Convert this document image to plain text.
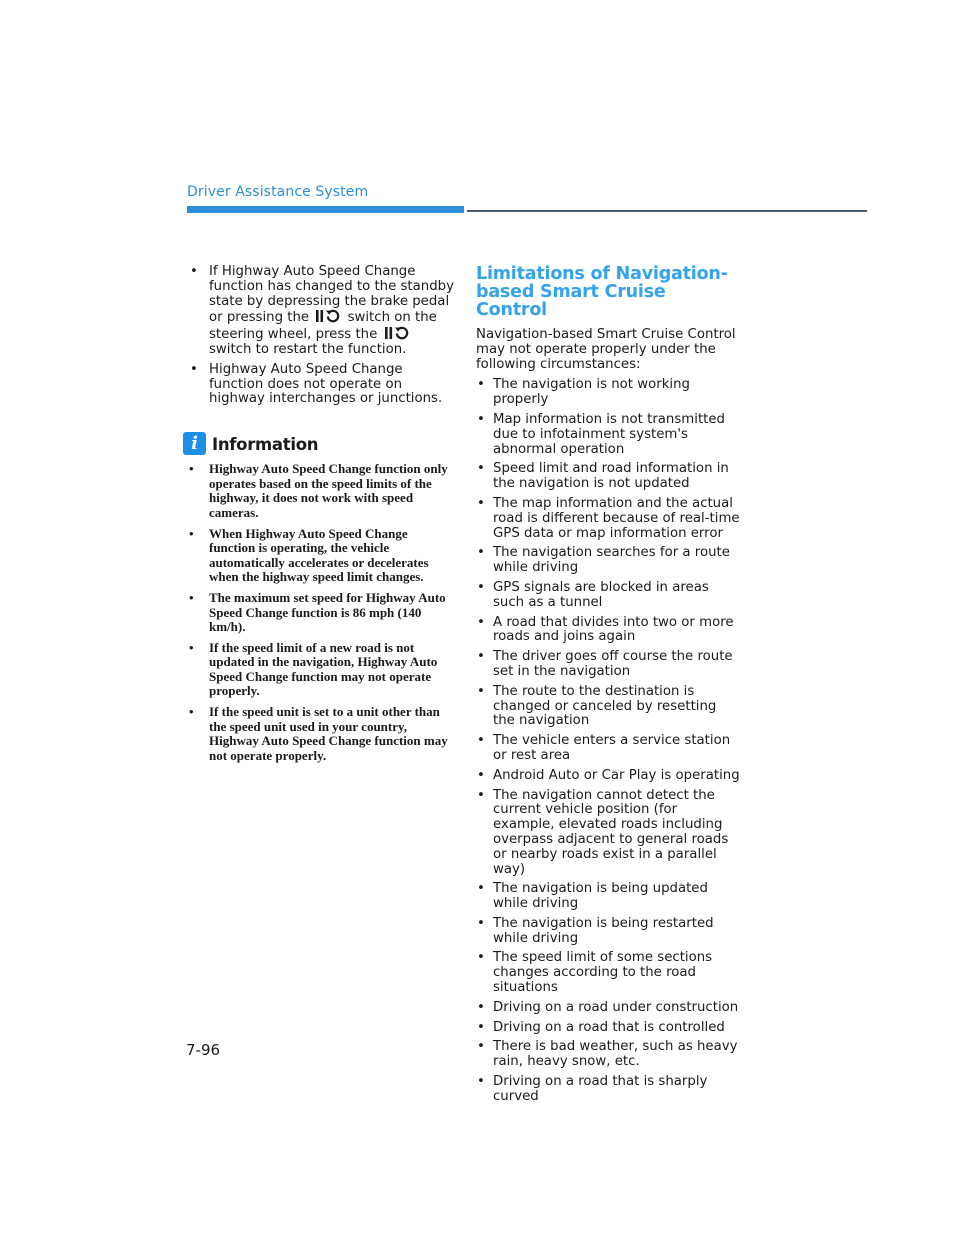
Driver Assistance System
• If Highway Auto Speed Change function has changed to the standby state by depressing the brake pedal or pressing the	switch on the steering wheel, press the  switch to restart the function.
• Highway Auto Speed Change function does not operate on highway interchanges or junctions.
i Information
• Highway Auto Speed Change function only operates based on the speed limits of the highway, it does not work with speed cameras.
• When Highway Auto Speed Change function is operating, the vehicle automatically accelerates or decelerates when the highway speed limit changes.
• The maximum set speed for Highway Auto Speed Change function is 86 mph (140 km/h).
• If the speed limit of a new road is not updated in the navigation, Highway Auto Speed Change function may not operate properly.
• If the speed unit is set to a unit other than the speed unit used in your country, Highway Auto Speed Change function may not operate properly.
Limitations of Navigation-based Smart Cruise Control
Navigation-based Smart Cruise Control may not operate properly under the following circumstances:
• The navigation is not working properly
• Map information is not transmitted due to infotainment system's abnormal operation
• Speed limit and road information in the navigation is not updated
• The map information and the actual road is different because of real-time GPS data or map information error
• The navigation searches for a route while driving
• GPS signals are blocked in areas such as a tunnel
• A road that divides into two or more roads and joins again
• The driver goes off course the route set in the navigation
• The route to the destination is changed or canceled by resetting the navigation
• The vehicle enters a service station or rest area
• Android Auto or Car Play is operating
• The navigation cannot detect the current vehicle position (for example, elevated roads including overpass adjacent to general roads or nearby roads exist in a parallel way)
• The navigation is being updated while driving
• The navigation is being restarted while driving
• The speed limit of some sections changes according to the road situations
• Driving on a road under construction
• Driving on a road that is controlled
• There is bad weather, such as heavy rain, heavy snow, etc.
• Driving on a road that is sharply curved
7-96
